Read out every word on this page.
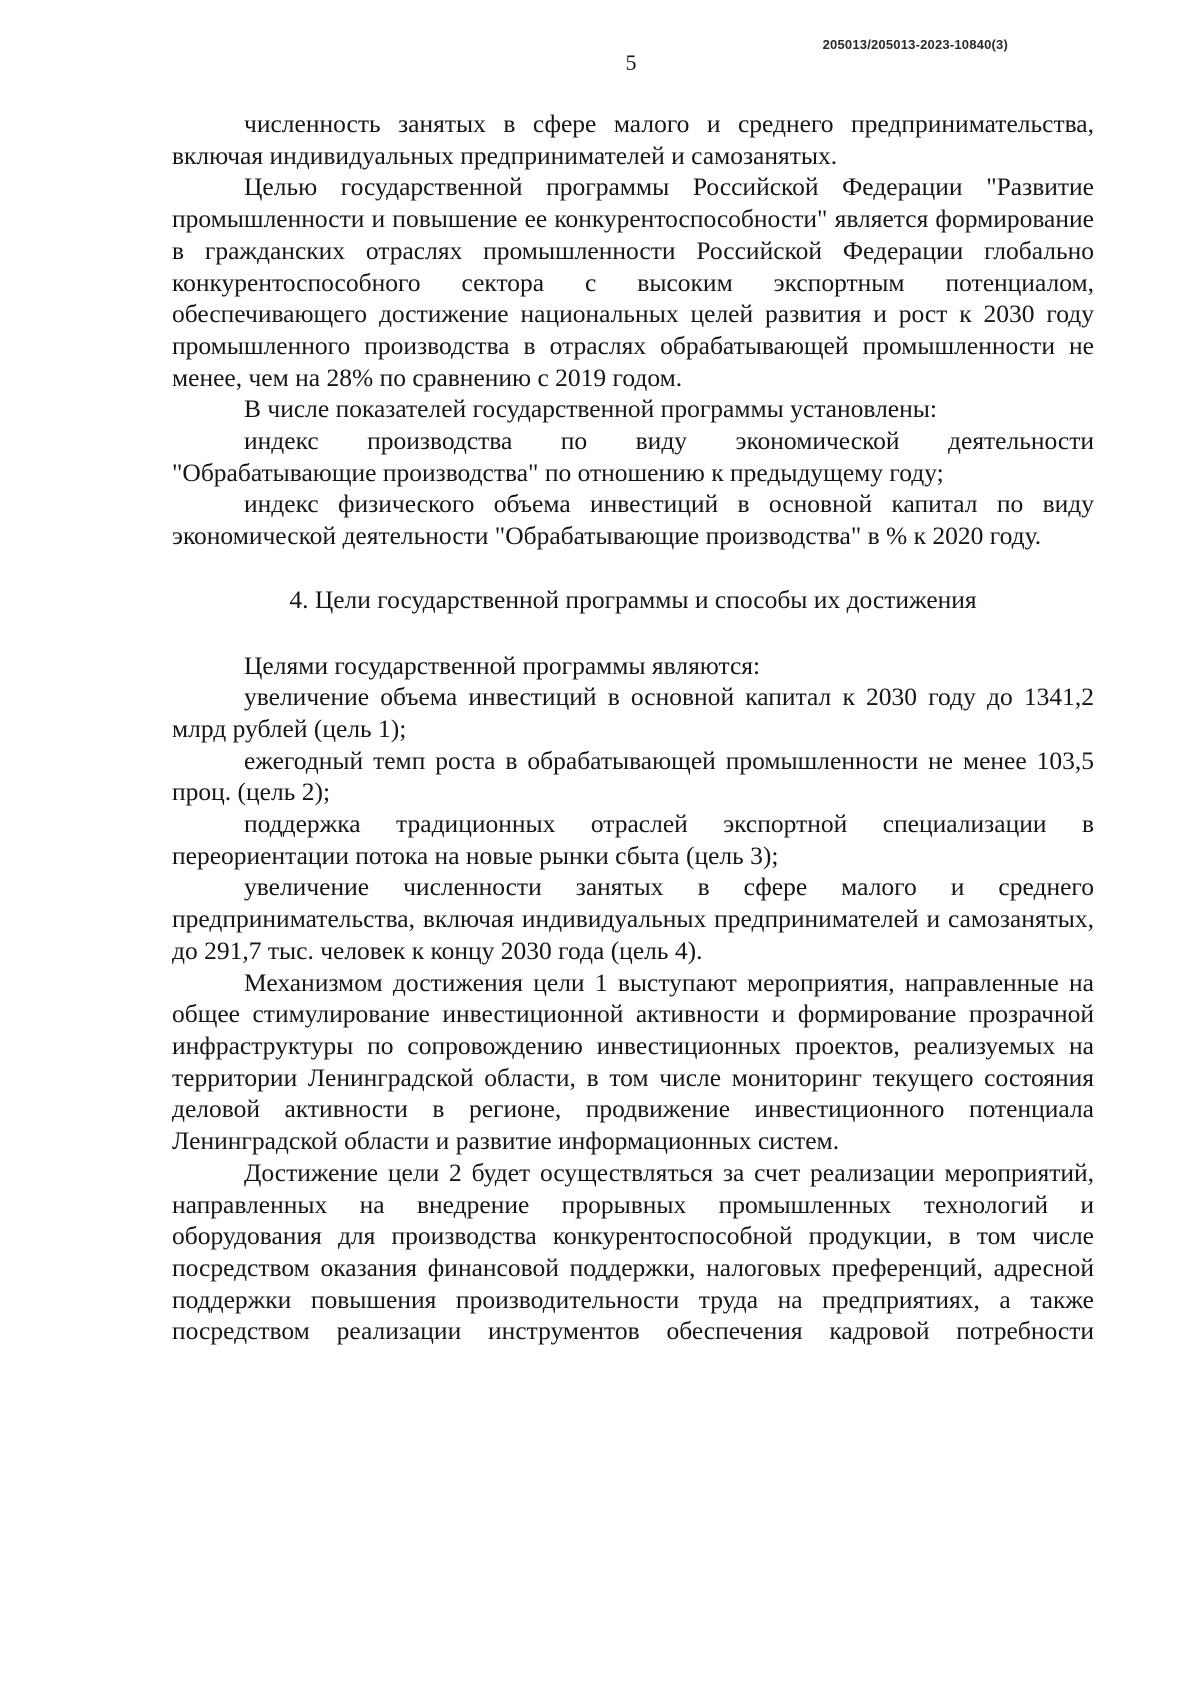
205013/205013-2023-10840(3)
5

численность занятых в сфере малого и среднего предпринимательства, включая индивидуальных предпринимателей и самозанятых.

Целью государственной программы Российской Федерации "Развитие промышленности и повышение ее конкурентоспособности" является формирование в гражданских отраслях промышленности Российской Федерации глобально конкурентоспособного сектора с высоким экспортным потенциалом, обеспечивающего достижение национальных целей развития и рост к 2030 году промышленного производства в отраслях обрабатывающей промышленности не менее, чем на 28% по сравнению с 2019 годом.

В числе показателей государственной программы установлены:

индекс производства по виду экономической деятельности "Обрабатывающие производства" по отношению к предыдущему году;

индекс физического объема инвестиций в основной капитал по виду экономической деятельности "Обрабатывающие производства" в % к 2020 году.

4. Цели государственной программы и способы их достижения

Целями государственной программы являются:

увеличение объема инвестиций в основной капитал к 2030 году до 1341,2 млрд рублей (цель 1);

ежегодный темп роста в обрабатывающей промышленности не менее 103,5 проц. (цель 2);

поддержка традиционных отраслей экспортной специализации в переориентации потока на новые рынки сбыта (цель 3);

увеличение численности занятых в сфере малого и среднего предпринимательства, включая индивидуальных предпринимателей и самозанятых, до 291,7 тыс. человек к концу 2030 года (цель 4).

Механизмом достижения цели 1 выступают мероприятия, направленные на общее стимулирование инвестиционной активности и формирование прозрачной инфраструктуры по сопровождению инвестиционных проектов, реализуемых на территории Ленинградской области, в том числе мониторинг текущего состояния деловой активности в регионе, продвижение инвестиционного потенциала Ленинградской области и развитие информационных систем.

Достижение цели 2 будет осуществляться за счет реализации мероприятий, направленных на внедрение прорывных промышленных технологий и оборудования для производства конкурентоспособной продукции, в том числе посредством оказания финансовой поддержки, налоговых преференций, адресной поддержки повышения производительности труда на предприятиях, а также посредством реализации инструментов обеспечения кадровой потребности
